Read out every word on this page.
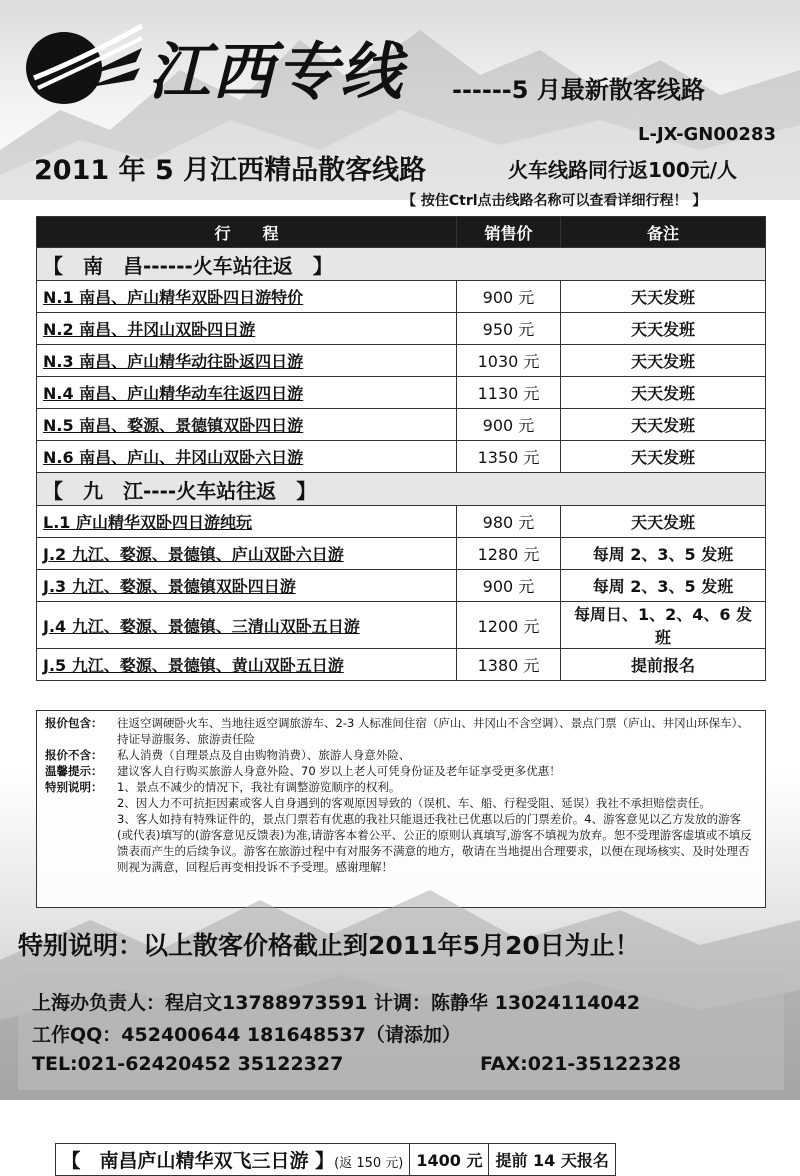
江西专线 ------5 月最新散客线路
L-JX-GN00283
2011 年 5 月江西精品散客线路	火车线路同行返100元/人
【 按住Ctrl点击线路名称可以查看详细行程！ 】
行　　程	销售价	备注
【　南　昌------火车站往返　】
N.1 南昌、庐山精华双卧四日游特价	900 元	天天发班
N.2 南昌、井冈山双卧四日游	950 元	天天发班
N.3 南昌、庐山精华动往卧返四日游	1030 元	天天发班
N.4 南昌、庐山精华动车往返四日游	1130 元	天天发班
N.5 南昌、婺源、景德镇双卧四日游	900 元	天天发班
N.6 南昌、庐山、井冈山双卧六日游	1350 元	天天发班
【　九　江----火车站往返　】
L.1 庐山精华双卧四日游纯玩	980 元	天天发班
J.2 九江、婺源、景德镇、庐山双卧六日游	1280 元	每周 2、3、5 发班
J.3 九江、婺源、景德镇双卧四日游	900 元	每周 2、3、5 发班
J.4 九江、婺源、景德镇、三清山双卧五日游	1200 元	每周日、1、2、4、6 发班
J.5 九江、婺源、景德镇、黄山双卧五日游	1380 元	提前报名

【　南昌庐山精华双飞三日游 】(返 150 元)	1400 元	提前 14 天报名
报价包含：	往返空调硬卧火车、当地往返空调旅游车、2-3 人标准间住宿（庐山、井冈山不含空调）、景点门票（庐山、井冈山环保车）、持证导游服务、旅游责任险
报价不含：	私人消费（自理景点及自由购物消费）、旅游人身意外险、
温馨提示：	建议客人自行购买旅游人身意外险、70 岁以上老人可凭身份证及老年证享受更多优惠！
特别说明：	1、景点不减少的情况下，我社有调整游览顺序的权利。
2、因人力不可抗拒因素或客人自身遇到的客观原因导致的（误机、车、船、行程受阻、延误）我社不承担赔偿责任。
3、客人如持有特殊证件的，景点门票若有优惠的我社只能退还我社已优惠以后的门票差价。4、游客意见以乙方发放的游客(或代表)填写的(游客意见反馈表)为准,请游客本着公平、公正的原则认真填写,游客不填视为放弃。恕不受理游客虚填或不填反馈表而产生的后续争议。游客在旅游过程中有对服务不满意的地方，敬请在当地提出合理要求，以便在现场核实、及时处理否则视为满意，回程后再变相投诉不予受理。感谢理解！
特别说明：以上散客价格截止到2011年5月20日为止！
上海办负责人：程启文13788973591 计调：陈静华 13024114042
工作QQ：452400644 181648537（请添加）
TEL:021-62420452 35122327	FAX:021-35122328
